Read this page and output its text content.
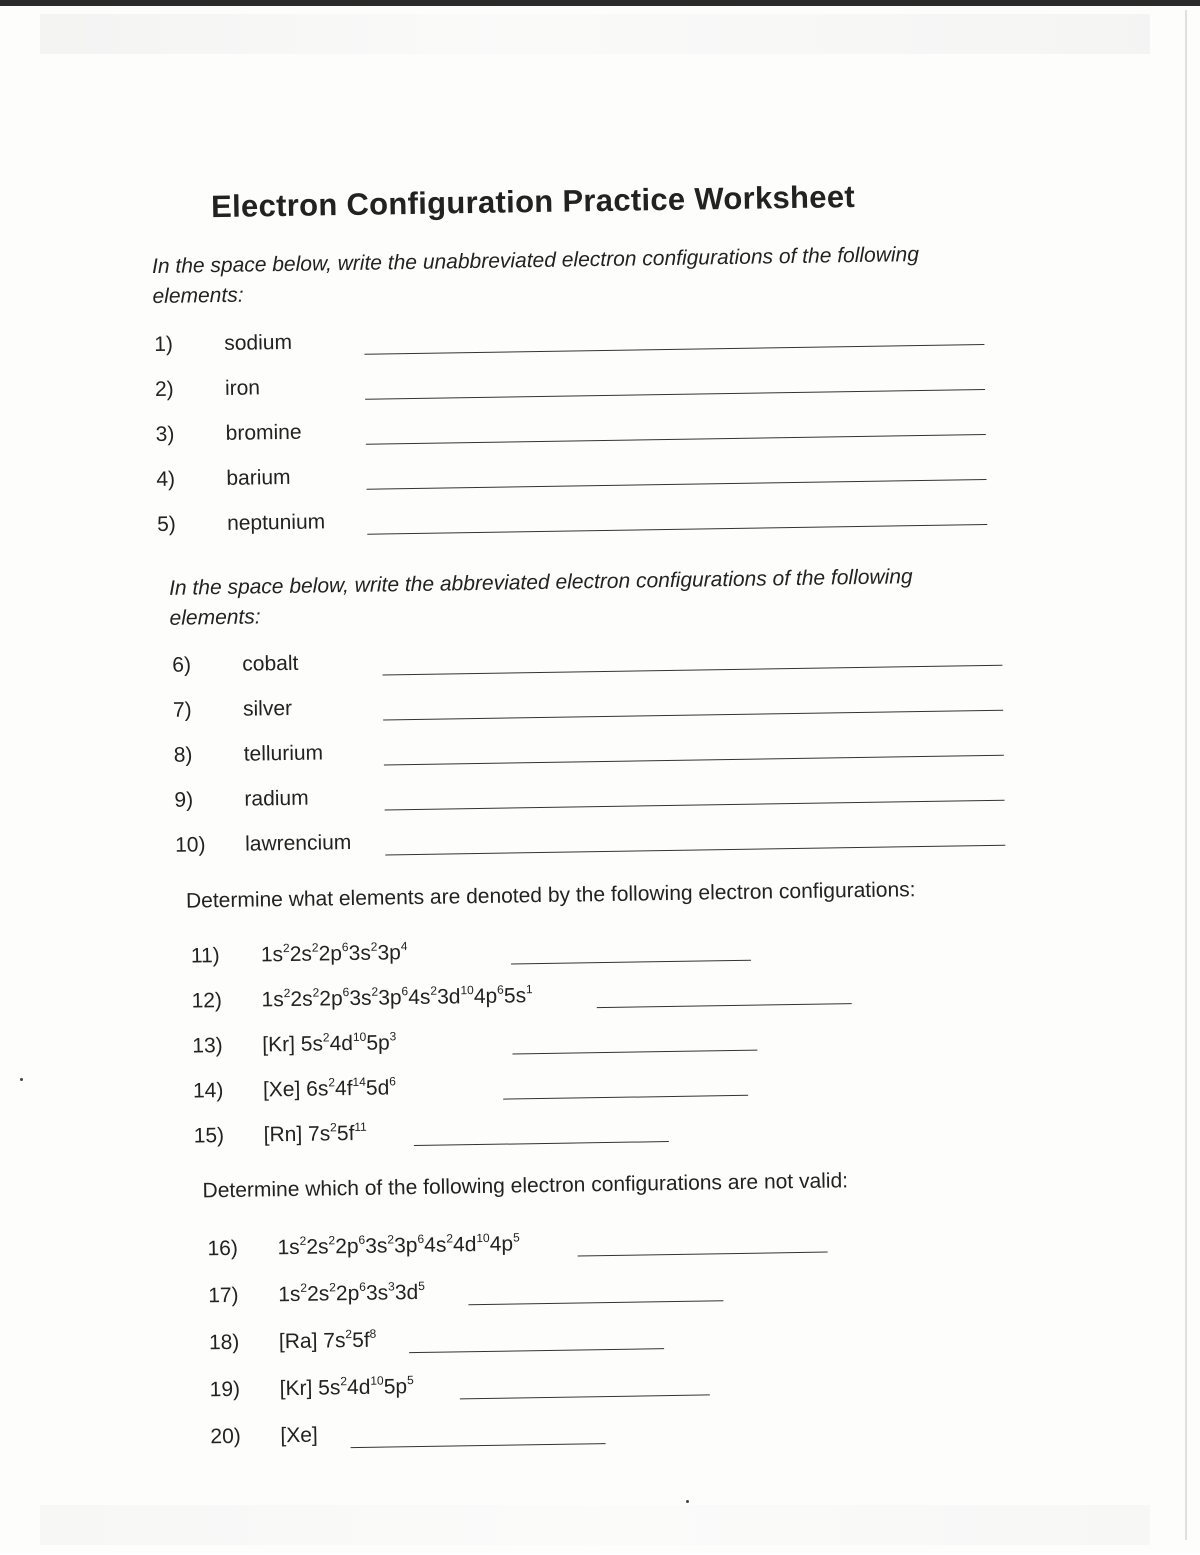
Electron Configuration Practice Worksheet
In the space below, write the unabbreviated electron configurations of the following elements:
1)	sodium
2)	iron
3)	bromine
4)	barium
5)	neptunium
In the space below, write the abbreviated electron configurations of the following elements:
6)	cobalt
7)	silver
8)	tellurium
9)	radium
10)	lawrencium
Determine what elements are denoted by the following electron configurations:
11)	$1s^22s^22p^63s^23p^4$
12)	$1s^22s^22p^63s^23p^64s^23d^{10}4p^65s^1$
13)	[Kr] $5s^24d^{10}5p^3$
14)	[Xe] $6s^24f^{14}5d^6$
15)	[Rn] $7s^25f^{11}$
Determine which of the following electron configurations are not valid:
16)	$1s^22s^22p^63s^23p^64s^24d^{10}4p^5$
17)	$1s^22s^22p^63s^33d^5$
18)	[Ra] $7s^25f^8$
19)	[Kr] $5s^24d^{10}5p^5$
20)	[Xe]
